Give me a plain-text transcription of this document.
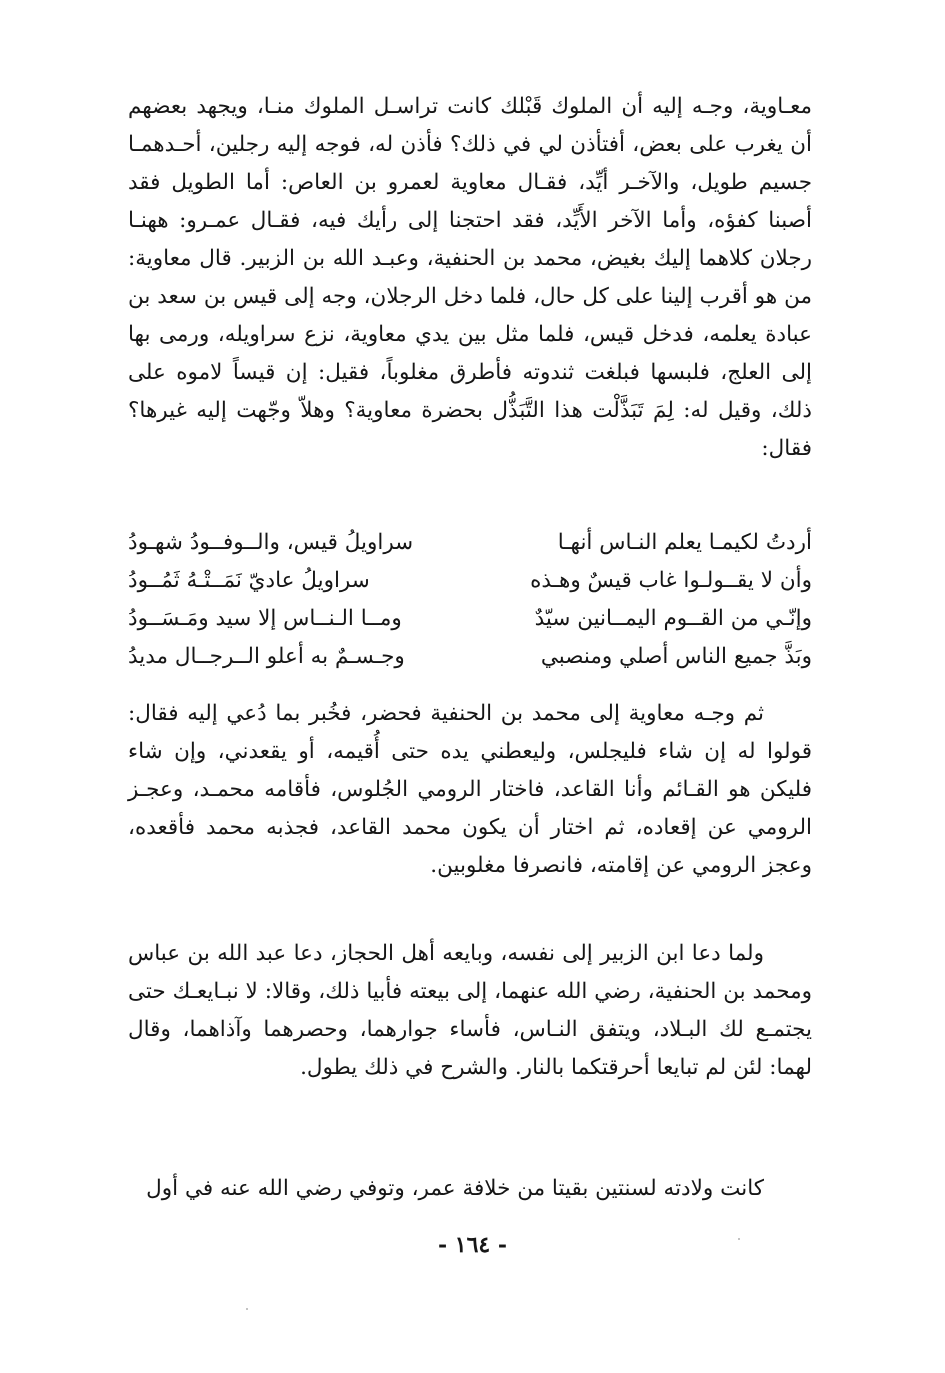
معـاوية، وجـه إليه أن الملوك قَبْلك كانت تراسـل الملوك منـا، ويجهد بعضهم أن يغرب على بعض، أفتأذن لي في ذلك؟ فأذن له، فوجه إليه رجلين، أحـدهمـا جسيم طويل، والآخـر أيِّد، فقـال معاوية لعمرو بن العاص: أما الطويل فقد أصبنا كفؤه، وأما الآخر الأَيِّد، فقد احتجنا إلى رأيك فيه، فقـال عمـرو: ههنـا رجلان كلاهما إليك بغيض، محمد بن الحنفية، وعبـد الله بن الزبير. قال معاوية: من هو أقرب إلينا على كل حال، فلما دخل الرجلان، وجه إلى قيس بن سعد بن عبادة يعلمه، فدخل قيس، فلما مثل بين يدي معاوية، نزع سراويله، ورمى بها إلى العلج، فلبسها فبلغت ثندوته فأطرق مغلوباً، فقيل: إن قيساً لاموه على ذلك، وقيل له: لِمَ تَبَذَّلْت هذا التَّبَذُّل بحضرة معاوية؟ وهلاّ وجّهت إليه غيرها؟ فقال:

أردتُ لكيمـا يعلم النـاس أنهـا
سراويلُ قيس، والــوفــودُ شهـودُ
وأن لا يقــولـوا غاب قيسٌ وهـذه
سراويلُ عاديّ نَمَــتْـهُ ثَمُــودُ
وإنّـي من القــوم اليمــانين سيّدٌ
ومــا الـنــاس إلا سيد ومَـسَــودُ
وبَذَّ جميع الناس أصلي ومنصبي
وجـسـمٌ به أعلو الــرجــال مديدُ

ثم وجـه معاوية إلى محمد بن الحنفية فحضر، فخُبر بما دُعي إليه فقال: قولوا له إن شاء فليجلس، وليعطني يده حتى أُقيمه، أو يقعدني، وإن شاء فليكن هو القـائم وأنا القاعد، فاختار الرومي الجُلوس، فأقامه محمـد، وعجـز الرومي عن إقعاده، ثم اختار أن يكون محمد القاعد، فجذبه محمد فأقعده، وعجز الرومي عن إقامته، فانصرفا مغلوبين.

ولما دعا ابن الزبير إلى نفسه، وبايعه أهل الحجاز، دعا عبد الله بن عباس ومحمد بن الحنفية، رضي الله عنهما، إلى بيعته فأبيا ذلك، وقالا: لا نبـايعـك حتى يجتمـع لك البـلاد، ويتفق النـاس، فأساء جوارهما، وحصرهما وآذاهما، وقال لهما: لئن لم تبايعا أحرقتكما بالنار. والشرح في ذلك يطول.

كانت ولادته لسنتين بقيتا من خلافة عمر، وتوفي رضي الله عنه في أول

- ١٦٤ -
